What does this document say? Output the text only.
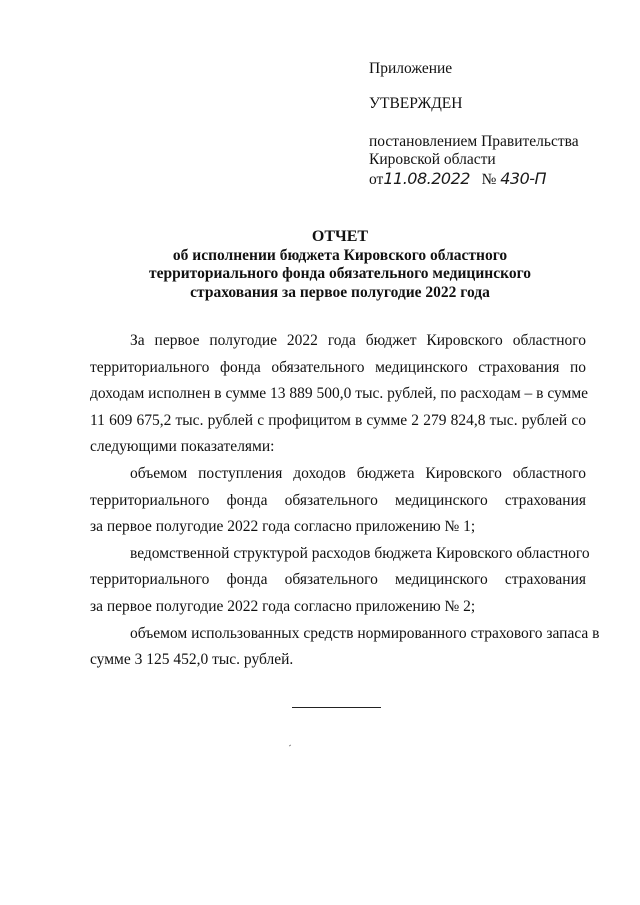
Приложение
УТВЕРЖДЕН
постановлением Правительства
Кировской области
от11.08.2022 № 430-П
ОТЧЕТ
об исполнении бюджета Кировского областного
территориального фонда обязательного медицинского
страхования за первое полугодие 2022 года
За первое полугодие 2022 года бюджет Кировского областного
территориального фонда обязательного медицинского страхования по
доходам исполнен в сумме 13 889 500,0 тыс. рублей, по расходам – в сумме
11 609 675,2 тыс. рублей с профицитом в сумме 2 279 824,8 тыс. рублей со
следующими показателями:
объемом поступления доходов бюджета Кировского областного
территориального фонда обязательного медицинского страхования
за первое полугодие 2022 года согласно приложению № 1;
ведомственной структурой расходов бюджета Кировского областного
территориального фонда обязательного медицинского страхования
за первое полугодие 2022 года согласно приложению № 2;
объемом использованных средств нормированного страхового запаса в
сумме 3 125 452,0 тыс. рублей.
